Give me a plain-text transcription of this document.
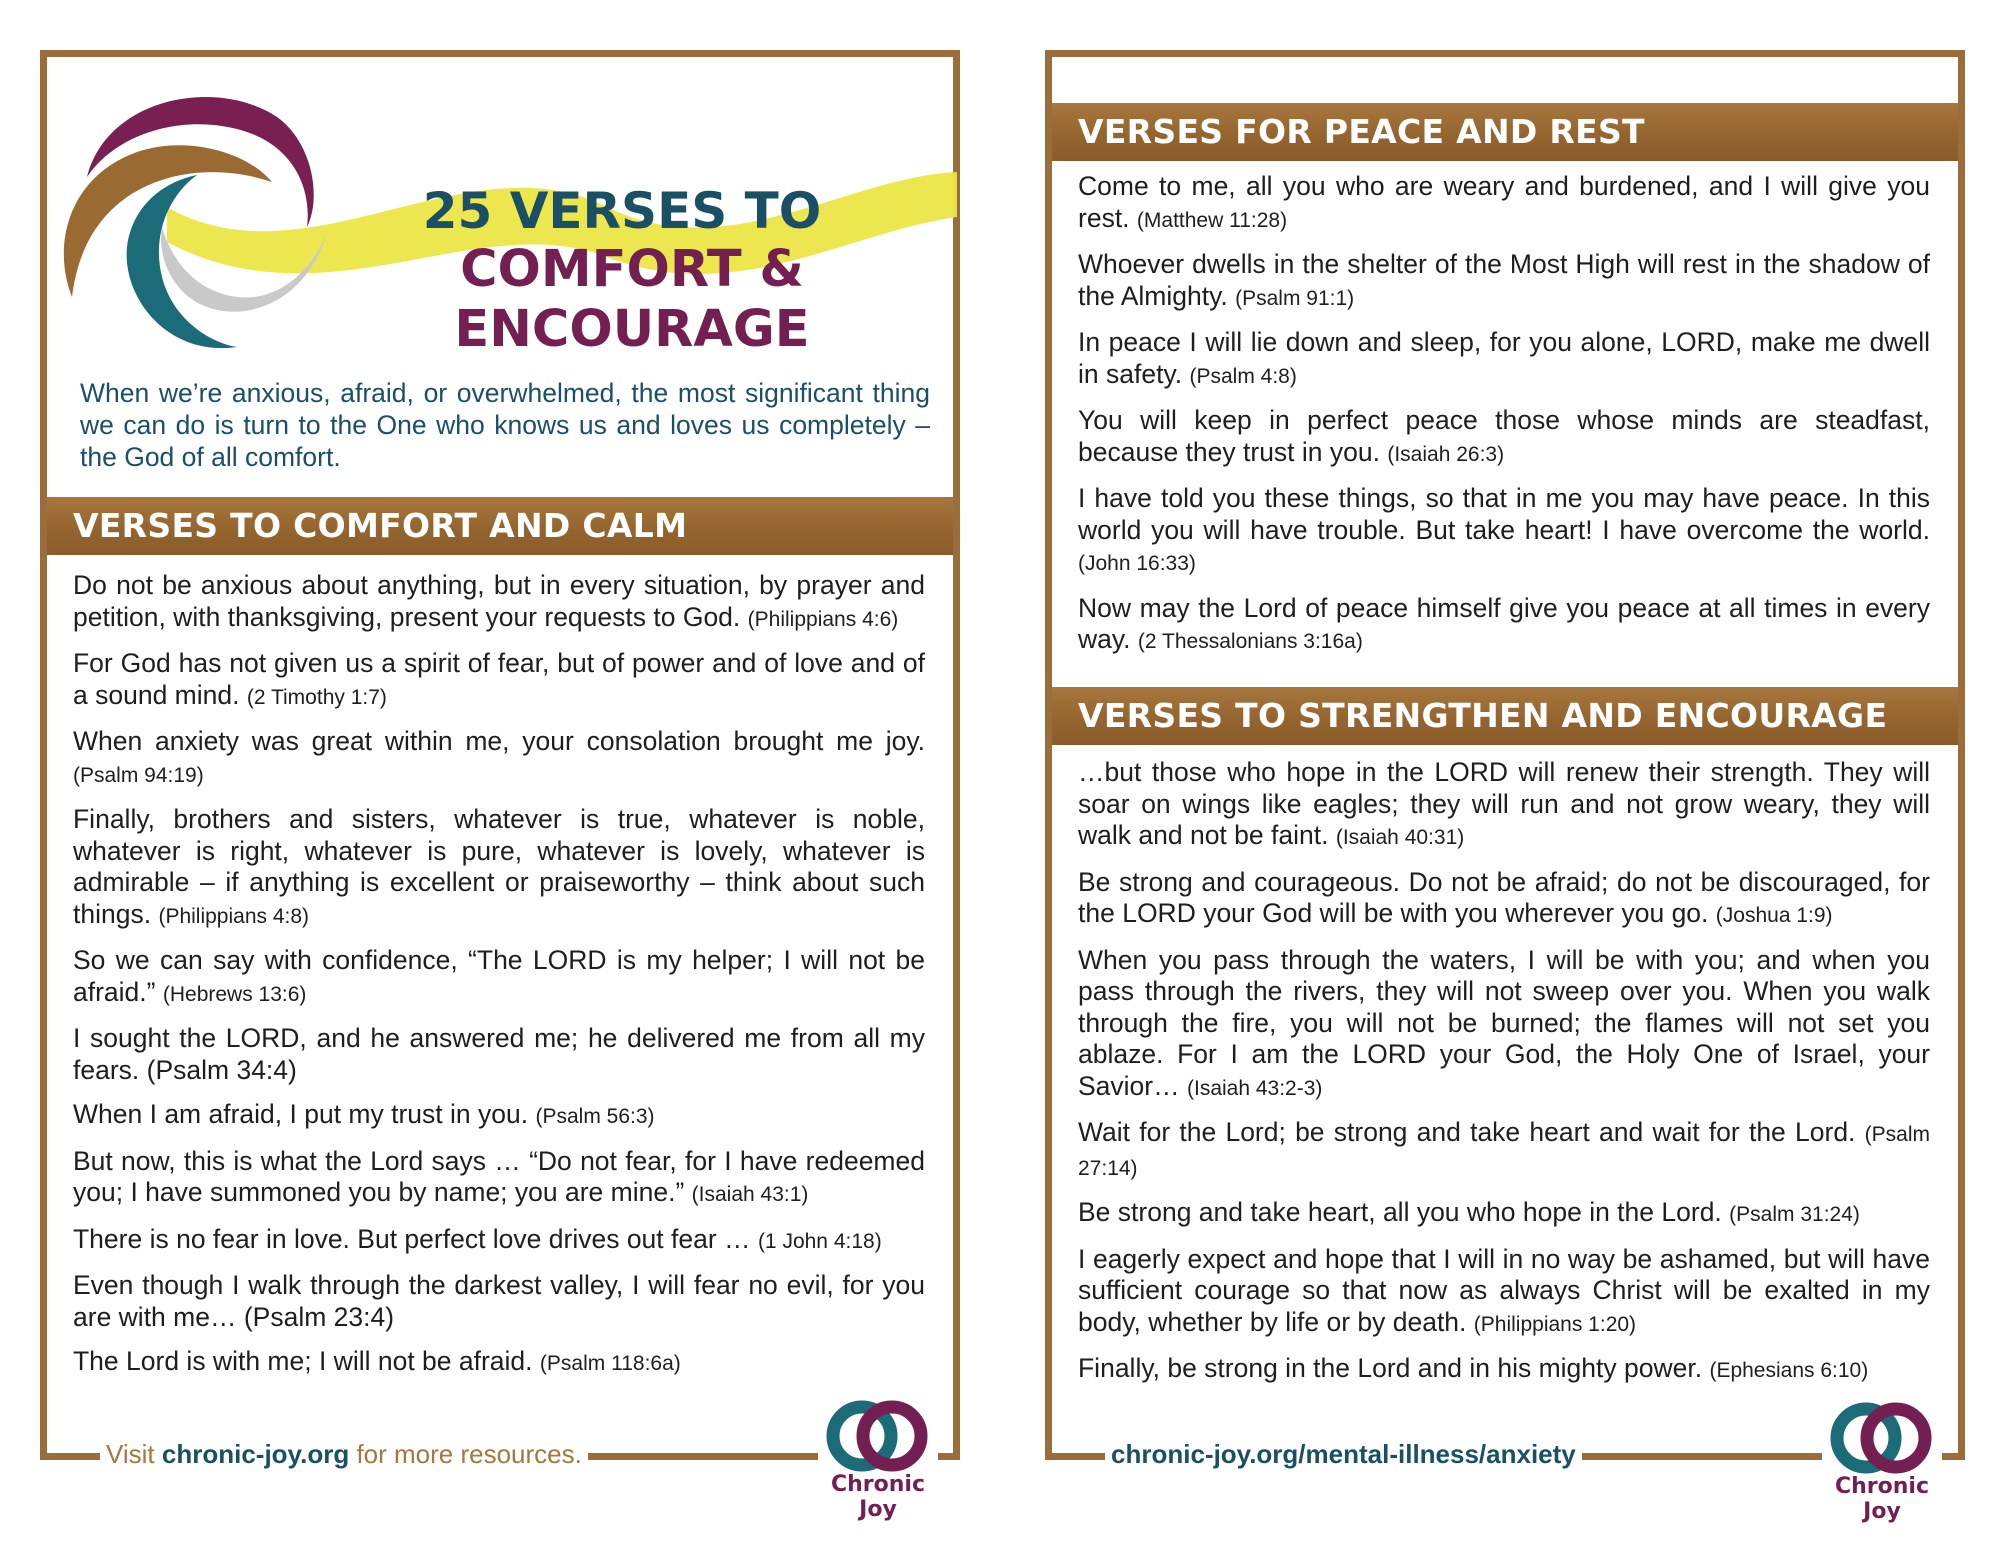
25 VERSES TO
COMFORT & ENCOURAGE

When we’re anxious, afraid, or overwhelmed, the most significant thing we can do is turn to the One who knows us and loves us completely – the God of all comfort.

VERSES TO COMFORT AND CALM

Do not be anxious about anything, but in every situation, by prayer and petition, with thanksgiving, present your requests to God. (Philippians 4:6)

For God has not given us a spirit of fear, but of power and of love and of a sound mind. (2 Timothy 1:7)

When anxiety was great within me, your consolation brought me joy. (Psalm 94:19)

Finally, brothers and sisters, whatever is true, whatever is noble, whatever is right, whatever is pure, whatever is lovely, whatever is admirable – if anything is excellent or praiseworthy – think about such things. (Philippians 4:8)

So we can say with confidence, “The LORD is my helper; I will not be afraid.” (Hebrews 13:6)

I sought the LORD, and he answered me; he delivered me from all my fears. (Psalm 34:4)

When I am afraid, I put my trust in you. (Psalm 56:3)

But now, this is what the Lord says … “Do not fear, for I have redeemed you; I have summoned you by name; you are mine.” (Isaiah 43:1)

There is no fear in love. But perfect love drives out fear … (1 John 4:18)

Even though I walk through the darkest valley, I will fear no evil, for you are with me… (Psalm 23:4)

The Lord is with me; I will not be afraid. (Psalm 118:6a)

Visit chronic-joy.org for more resources.
Chronic Joy
VERSES FOR PEACE AND REST

Come to me, all you who are weary and burdened, and I will give you rest. (Matthew 11:28)

Whoever dwells in the shelter of the Most High will rest in the shadow of the Almighty. (Psalm 91:1)

In peace I will lie down and sleep, for you alone, LORD, make me dwell in safety. (Psalm 4:8)

You will keep in perfect peace those whose minds are steadfast, because they trust in you. (Isaiah 26:3)

I have told you these things, so that in me you may have peace. In this world you will have trouble. But take heart! I have overcome the world. (John 16:33)

Now may the Lord of peace himself give you peace at all times in every way. (2 Thessalonians 3:16a)

VERSES TO STRENGTHEN AND ENCOURAGE

…but those who hope in the LORD will renew their strength. They will soar on wings like eagles; they will run and not grow weary, they will walk and not be faint. (Isaiah 40:31)

Be strong and courageous. Do not be afraid; do not be discouraged, for the LORD your God will be with you wherever you go. (Joshua 1:9)

When you pass through the waters, I will be with you; and when you pass through the rivers, they will not sweep over you. When you walk through the fire, you will not be burned; the flames will not set you ablaze. For I am the LORD your God, the Holy One of Israel, your Savior… (Isaiah 43:2-3)

Wait for the Lord; be strong and take heart and wait for the Lord. (Psalm 27:14)

Be strong and take heart, all you who hope in the Lord. (Psalm 31:24)

I eagerly expect and hope that I will in no way be ashamed, but will have sufficient courage so that now as always Christ will be exalted in my body, whether by life or by death. (Philippians 1:20)

Finally, be strong in the Lord and in his mighty power. (Ephesians 6:10)

chronic-joy.org/mental-illness/anxiety
Chronic Joy
